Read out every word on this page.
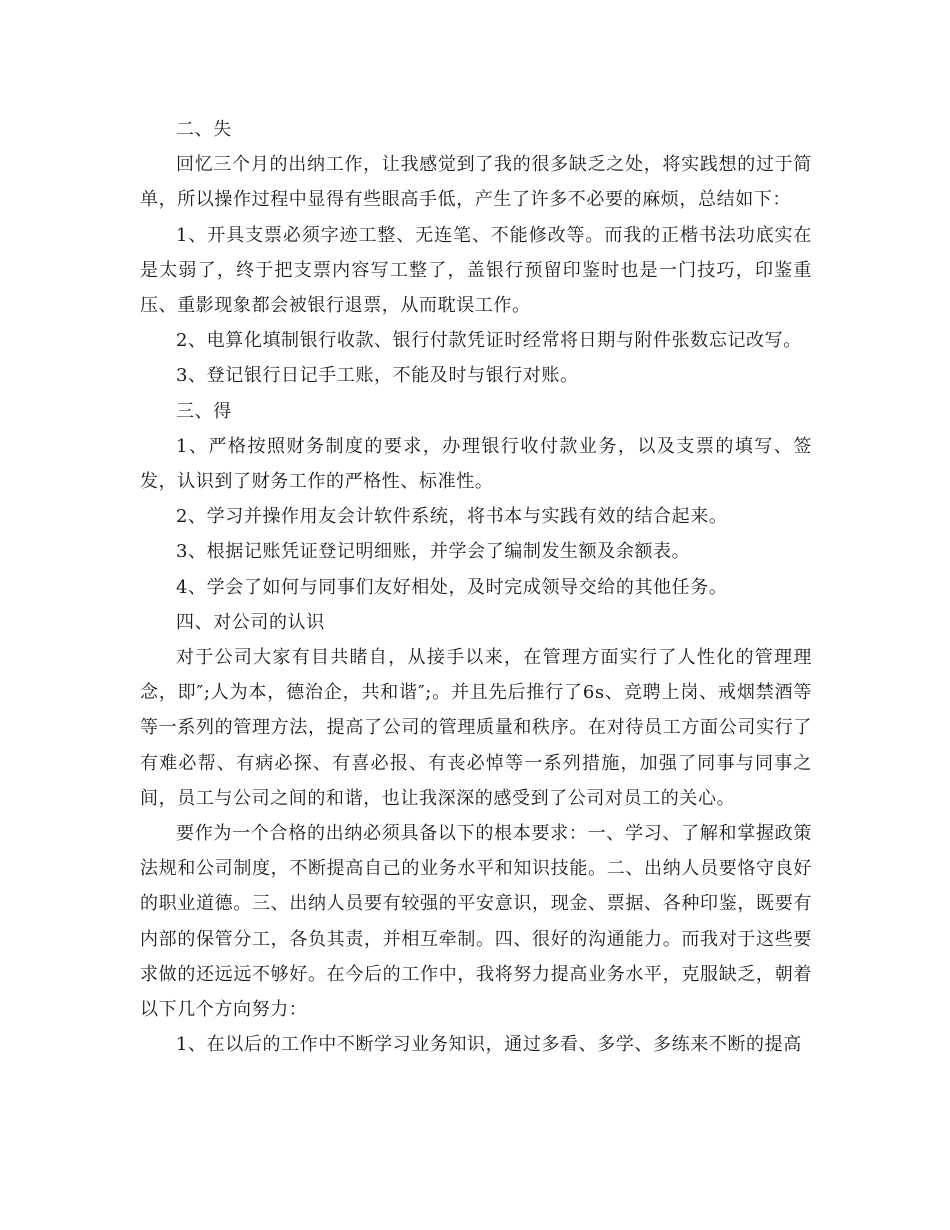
二、失

回忆三个月的出纳工作，让我感觉到了我的很多缺乏之处，将实践想的过于简单，所以操作过程中显得有些眼高手低，产生了许多不必要的麻烦，总结如下：

1、开具支票必须字迹工整、无连笔、不能修改等。而我的正楷书法功底实在是太弱了，终于把支票内容写工整了，盖银行预留印鉴时也是一门技巧，印鉴重压、重影现象都会被银行退票，从而耽误工作。

2、电算化填制银行收款、银行付款凭证时经常将日期与附件张数忘记改写。

3、登记银行日记手工账，不能及时与银行对账。

三、得

1、严格按照财务制度的要求，办理银行收付款业务，以及支票的填写、签发，认识到了财务工作的严格性、标准性。

2、学习并操作用友会计软件系统，将书本与实践有效的结合起来。

3、根据记账凭证登记明细账，并学会了编制发生额及余额表。

4、学会了如何与同事们友好相处，及时完成领导交给的其他任务。

四、对公司的认识

对于公司大家有目共睹自，从接手以来，在管理方面实行了人性化的管理理念，即″;人为本，德治企，共和谐″;。并且先后推行了6s、竞聘上岗、戒烟禁酒等等一系列的管理方法，提高了公司的管理质量和秩序。在对待员工方面公司实行了有难必帮、有病必探、有喜必报、有丧必悼等一系列措施，加强了同事与同事之间，员工与公司之间的和谐，也让我深深的感受到了公司对员工的关心。

要作为一个合格的出纳必须具备以下的根本要求：一、学习、了解和掌握政策法规和公司制度，不断提高自己的业务水平和知识技能。二、出纳人员要恪守良好的职业道德。三、出纳人员要有较强的平安意识，现金、票据、各种印鉴，既要有内部的保管分工，各负其责，并相互牵制。四、很好的沟通能力。而我对于这些要求做的还远远不够好。在今后的工作中，我将努力提高业务水平，克服缺乏，朝着以下几个方向努力：

1、在以后的工作中不断学习业务知识，通过多看、多学、多练来不断的提高
